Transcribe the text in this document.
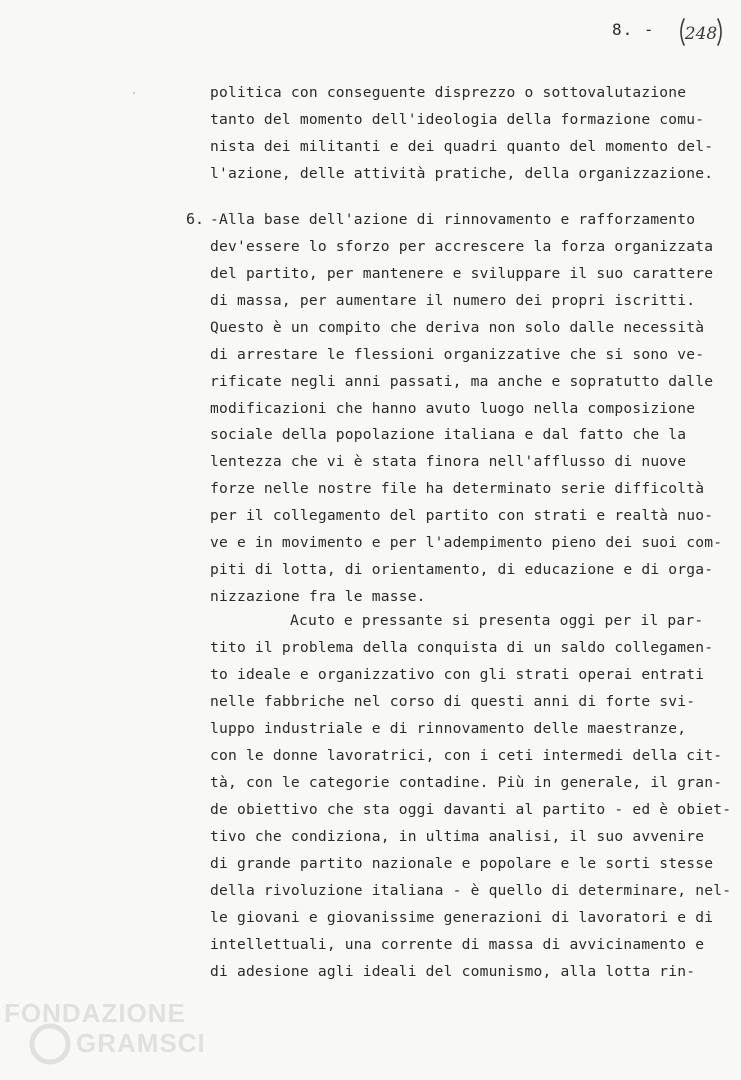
8. - 248
politica con conseguente disprezzo o sottovalutazione
tanto del momento dell'ideologia della formazione comu-
nista dei militanti e dei quadri quanto del momento del-
l'azione, delle attività pratiche, della organizzazione.
6. -Alla base dell'azione di rinnovamento e rafforzamento
dev'essere lo sforzo per accrescere la forza organizzata
del partito, per mantenere e sviluppare il suo carattere
di massa, per aumentare il numero dei propri iscritti.
Questo è un compito che deriva non solo dalle necessità
di arrestare le flessioni organizzative che si sono ve-
rificate negli anni passati, ma anche e sopratutto dalle
modificazioni che hanno avuto luogo nella composizione
sociale della popolazione italiana e dal fatto che la
lentezza che vi è stata finora nell'afflusso di nuove
forze nelle nostre file ha determinato serie difficoltà
per il collegamento del partito con strati e realtà nuo-
ve e in movimento e per l'adempimento pieno dei suoi com-
piti di lotta, di orientamento, di educazione e di orga-
nizzazione fra le masse.
Acuto e pressante si presenta oggi per il par-
tito il problema della conquista di un saldo collegamen-
to ideale e organizzativo con gli strati operai entrati
nelle fabbriche nel corso di questi anni di forte svi-
luppo industriale e di rinnovamento delle maestranze,
con le donne lavoratrici, con i ceti intermedi della cit-
tà, con le categorie contadine. Più in generale, il gran-
de obiettivo che sta oggi davanti al partito - ed è obiet-
tivo che condiziona, in ultima analisi, il suo avvenire
di grande partito nazionale e popolare e le sorti stesse
della rivoluzione italiana - è quello di determinare, nel-
le giovani e giovanissime generazioni di lavoratori e di
intellettuali, una corrente di massa di avvicinamento e
di adesione agli ideali del comunismo, alla lotta rin-
FONDAZIONE
GRAMSCI
